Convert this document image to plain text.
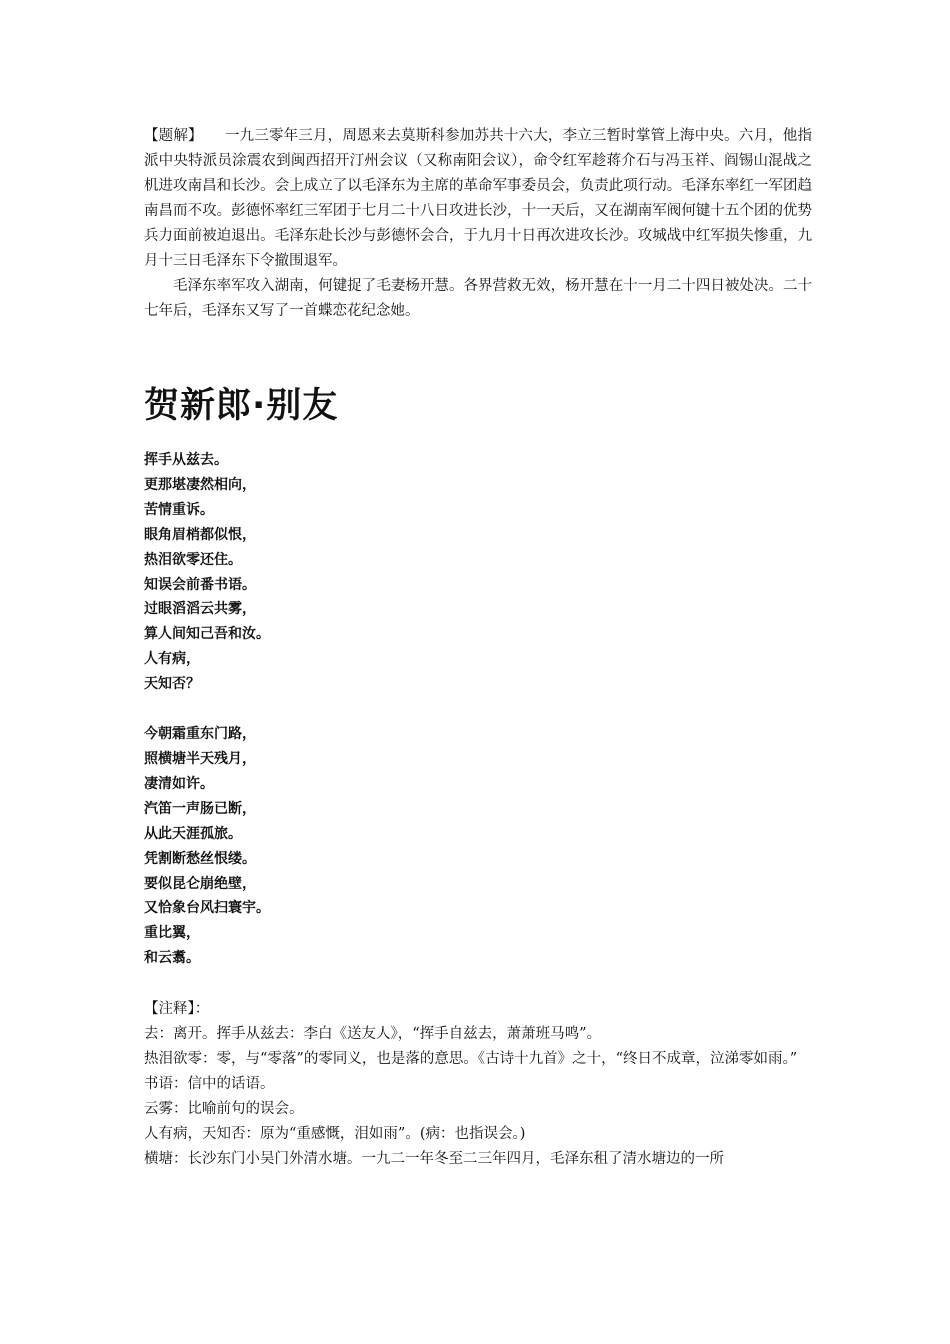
【题解】　　一九三零年三月，周恩来去莫斯科参加苏共十六大，李立三暂时掌管上海中央。六月，他指派中央特派员涂震农到闽西招开汀州会议（又称南阳会议），命令红军趁蒋介石与冯玉祥、阎锡山混战之机进攻南昌和长沙。会上成立了以毛泽东为主席的革命军事委员会，负责此项行动。毛泽东率红一军团趋南昌而不攻。彭德怀率红三军团于七月二十八日攻进长沙，十一天后，又在湖南军阀何键十五个团的优势兵力面前被迫退出。毛泽东赴长沙与彭德怀会合，于九月十日再次进攻长沙。攻城战中红军损失惨重，九月十三日毛泽东下令撤围退军。

毛泽东率军攻入湖南，何键捉了毛妻杨开慧。各界营救无效，杨开慧在十一月二十四日被处决。二十七年后，毛泽东又写了一首蝶恋花纪念她。

贺新郎·别友
挥手从兹去。
更那堪凄然相向，
苦情重诉。
眼角眉梢都似恨，
热泪欲零还住。
知误会前番书语。
过眼滔滔云共雾，
算人间知己吾和汝。
人有病，
天知否？
今朝霜重东门路，
照横塘半天残月，
凄清如许。
汽笛一声肠已断，
从此天涯孤旅。
凭割断愁丝恨缕。
要似昆仑崩绝壁，
又恰象台风扫寰宇。
重比翼，
和云翥。

【注释】：

去：离开。挥手从兹去：李白《送友人》，“挥手自兹去，萧萧班马鸣”。

热泪欲零：零，与“零落”的零同义，也是落的意思。《古诗十九首》之十，“终日不成章，泣涕零如雨。”

书语：信中的话语。

云雾：比喻前句的误会。

人有病，天知否：原为“重感慨，泪如雨”。(病：也指误会。)

横塘：长沙东门小吴门外清水塘。一九二一年冬至二三年四月，毛泽东租了清水塘边的一所
